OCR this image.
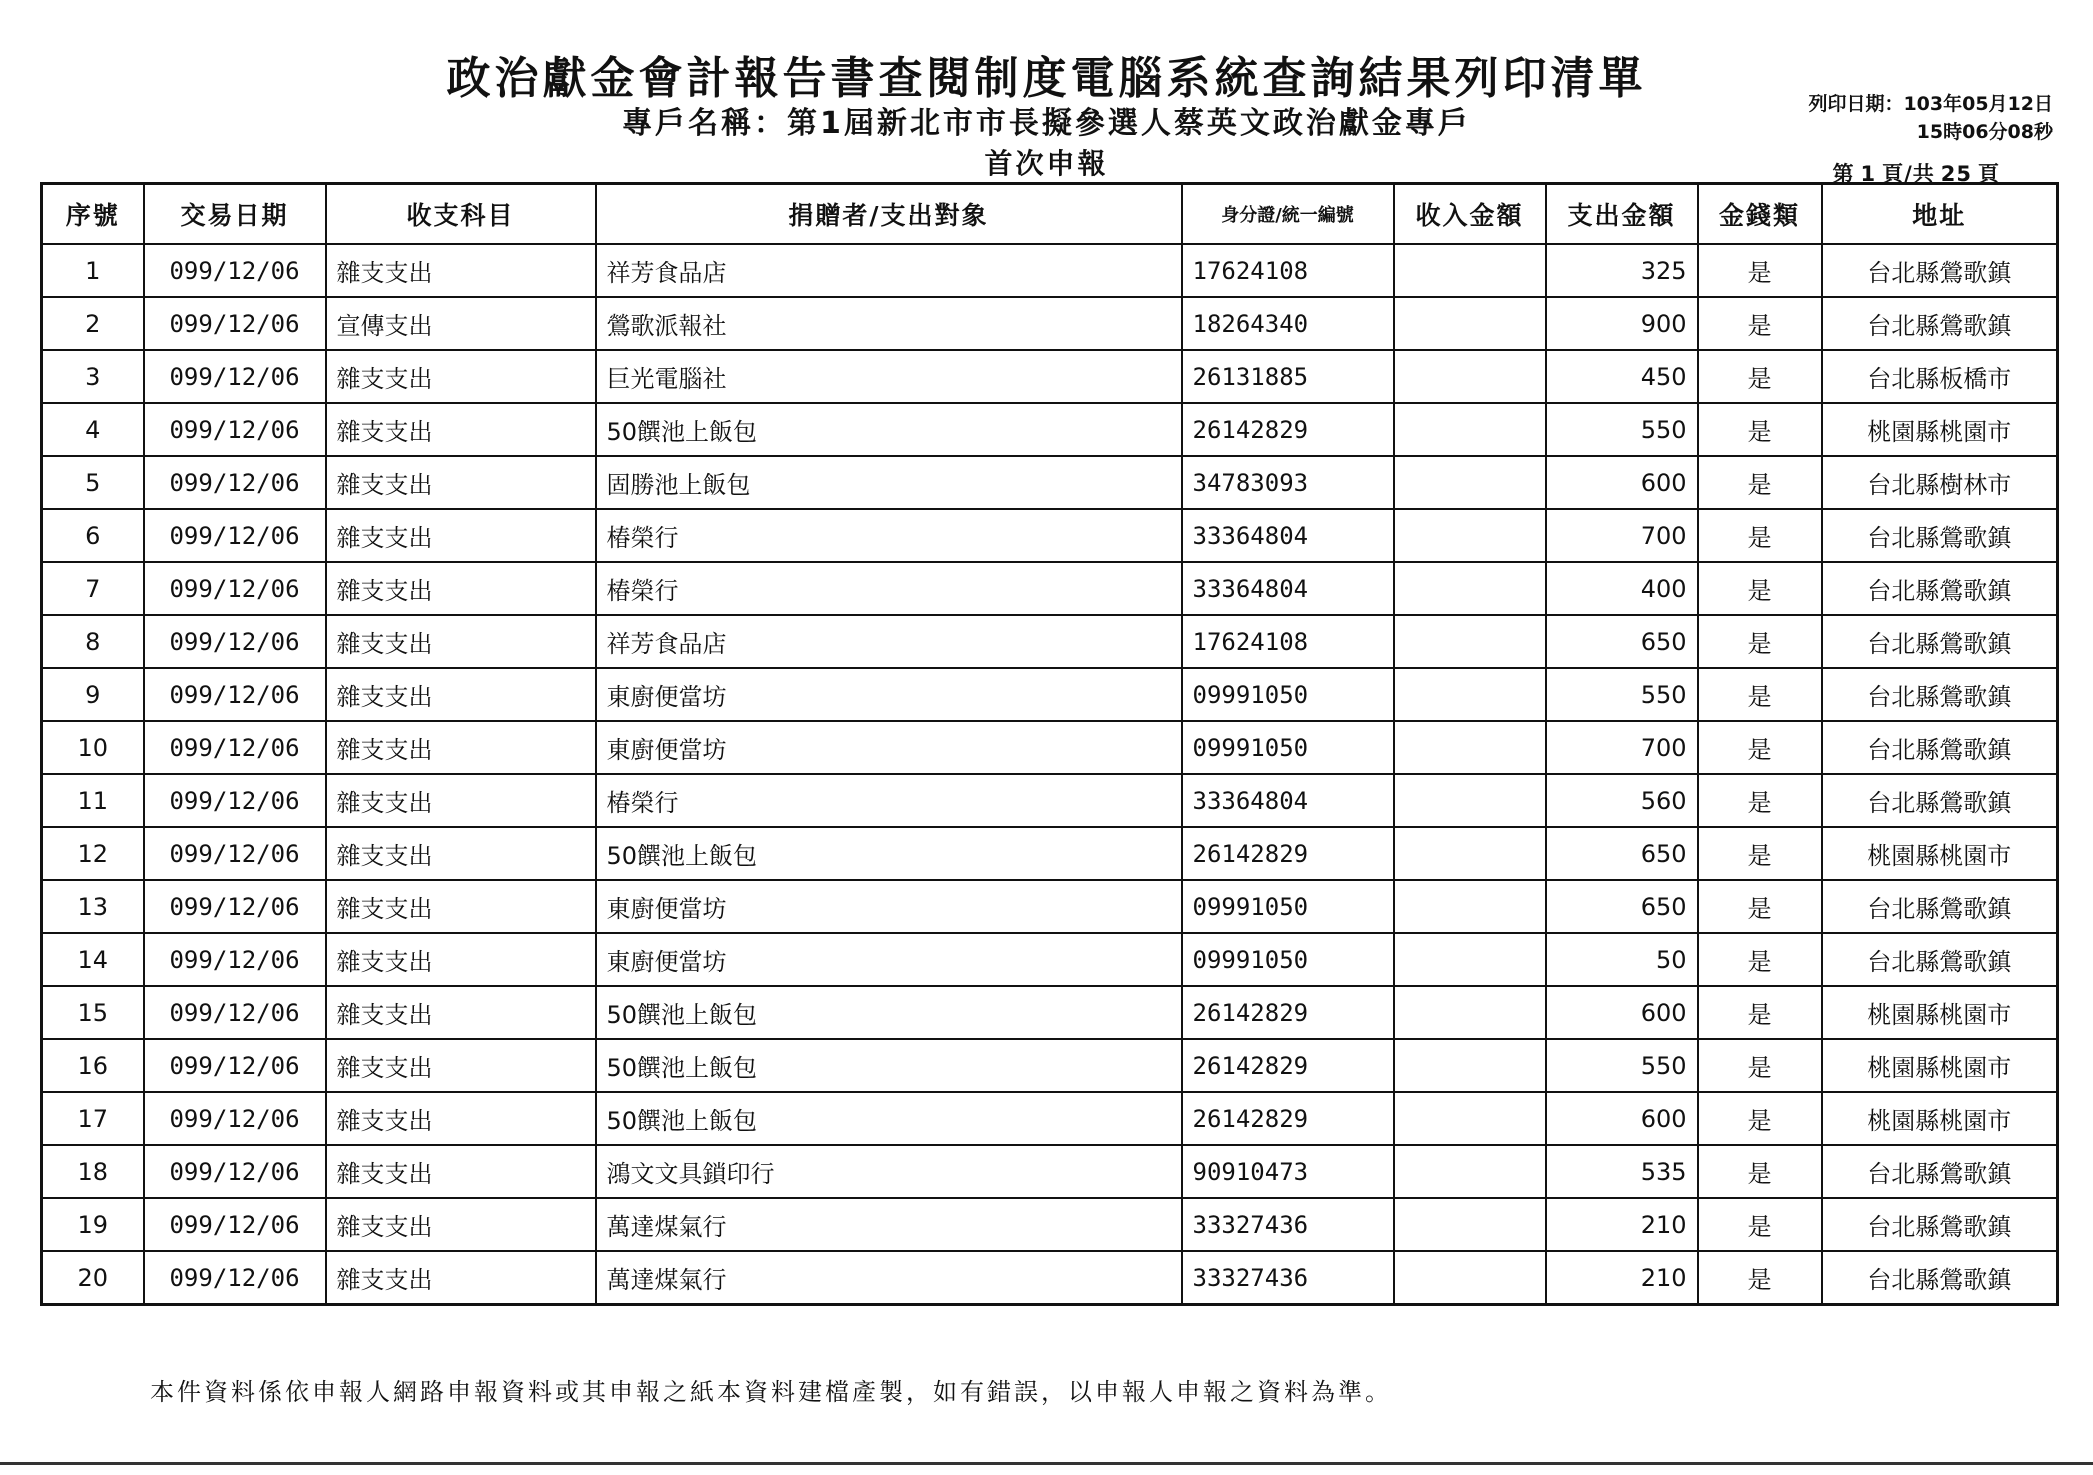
政治獻金會計報告書查閱制度電腦系統查詢結果列印清單
專戶名稱：第1屆新北市市長擬參選人蔡英文政治獻金專戶
首次申報
列印日期：103年05月12日
15時06分08秒
第 1 頁/共 25 頁
序號	交易日期	收支科目	捐贈者/支出對象	身分證/統一編號	收入金額	支出金額	金錢類	地址
1	099/12/06	雜支支出	祥芳食品店	17624108		325	是	台北縣鶯歌鎮
2	099/12/06	宣傳支出	鶯歌派報社	18264340		900	是	台北縣鶯歌鎮
3	099/12/06	雜支支出	巨光電腦社	26131885		450	是	台北縣板橋市
4	099/12/06	雜支支出	50饌池上飯包	26142829		550	是	桃園縣桃園市
5	099/12/06	雜支支出	固勝池上飯包	34783093		600	是	台北縣樹林市
6	099/12/06	雜支支出	椿榮行	33364804		700	是	台北縣鶯歌鎮
7	099/12/06	雜支支出	椿榮行	33364804		400	是	台北縣鶯歌鎮
8	099/12/06	雜支支出	祥芳食品店	17624108		650	是	台北縣鶯歌鎮
9	099/12/06	雜支支出	東廚便當坊	09991050		550	是	台北縣鶯歌鎮
10	099/12/06	雜支支出	東廚便當坊	09991050		700	是	台北縣鶯歌鎮
11	099/12/06	雜支支出	椿榮行	33364804		560	是	台北縣鶯歌鎮
12	099/12/06	雜支支出	50饌池上飯包	26142829		650	是	桃園縣桃園市
13	099/12/06	雜支支出	東廚便當坊	09991050		650	是	台北縣鶯歌鎮
14	099/12/06	雜支支出	東廚便當坊	09991050		50	是	台北縣鶯歌鎮
15	099/12/06	雜支支出	50饌池上飯包	26142829		600	是	桃園縣桃園市
16	099/12/06	雜支支出	50饌池上飯包	26142829		550	是	桃園縣桃園市
17	099/12/06	雜支支出	50饌池上飯包	26142829		600	是	桃園縣桃園市
18	099/12/06	雜支支出	鴻文文具鎖印行	90910473		535	是	台北縣鶯歌鎮
19	099/12/06	雜支支出	萬達煤氣行	33327436		210	是	台北縣鶯歌鎮
20	099/12/06	雜支支出	萬達煤氣行	33327436		210	是	台北縣鶯歌鎮
本件資料係依申報人網路申報資料或其申報之紙本資料建檔產製，如有錯誤，以申報人申報之資料為準。
